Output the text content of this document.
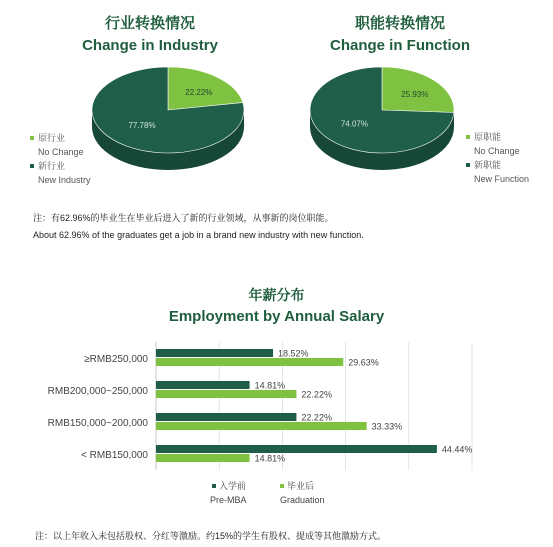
行业转换情况
Change in Industry
22.22%
77.78%
原行业
No Change
新行业
New Industry
职能转换情况
Change in Function
25.93%
74.07%
原职能
No Change
新职能
New Function
注：有62.96%的毕业生在毕业后进入了新的行业领域，从事新的岗位职能。
About 62.96% of the graduates get a job in a brand new industry with new function.
年薪分布
Employment by Annual Salary
≥RMB250,000
18.52%
29.63%
RMB200,000~250,000
14.81%
22.22%
RMB150,000~200,000
22.22%
33.33%
< RMB150,000
44.44%
14.81%
入学前
Pre-MBA
毕业后
Graduation
注：以上年收入未包括股权、分红等激励。约15%的学生有股权、提成等其他激励方式。
